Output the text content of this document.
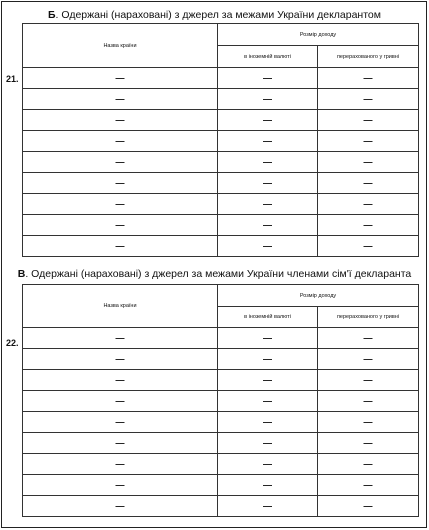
Б. Одержані (нараховані) з джерел за межами України декларантом
21.
Назва країни	Розмір доходу	
	в іноземній валюті	перерахованого у гривні
—	—	—
—	—	—
—	—	—
—	—	—
—	—	—
—	—	—
—	—	—
—	—	—
—	—	—
В. Одержані (нараховані) з джерел за межами України членами сім'ї декларанта
22.
Назва країни	Розмір доходу	
	в іноземній валюті	перерахованого у гривні
—	—	—
—	—	—
—	—	—
—	—	—
—	—	—
—	—	—
—	—	—
—	—	—
—	—	—
